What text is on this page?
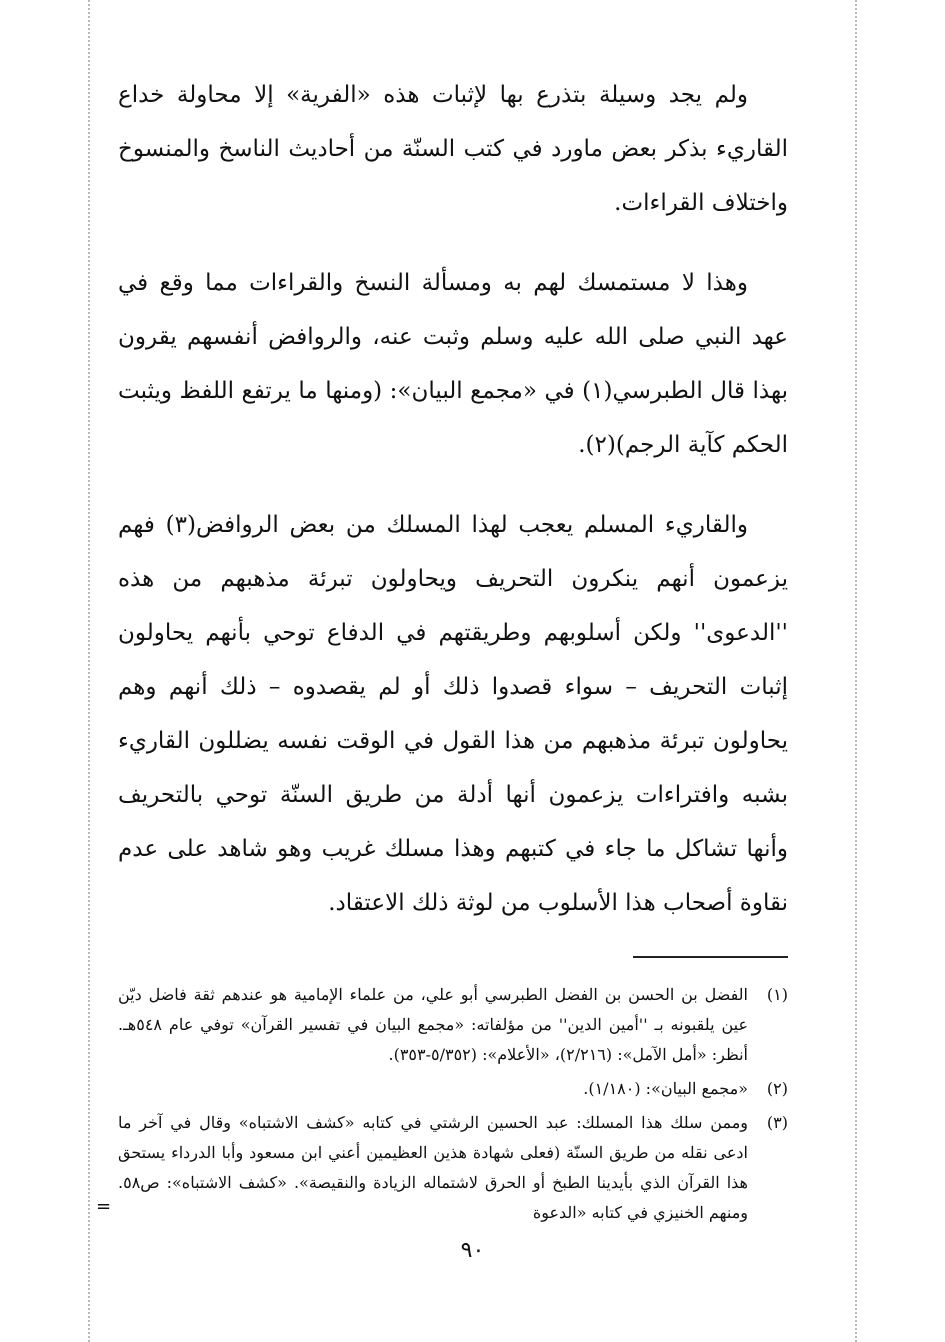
ولم يجد وسيلة بتذرع بها لإثبات هذه «الفرية» إلا محاولة خداع القاريء بذكر بعض ماورد في كتب السنّة من أحاديث الناسخ والمنسوخ واختلاف القراءات.

وهذا لا مستمسك لهم به ومسألة النسخ والقراءات مما وقع في عهد النبي صلى الله عليه وسلم وثبت عنه، والروافض أنفسهم يقرون بهذا قال الطبرسي(١) في «مجمع البيان»: (ومنها ما يرتفع اللفظ ويثبت الحكم كآية الرجم)(٢).

والقاريء المسلم يعجب لهذا المسلك من بعض الروافض(٣) فهم يزعمون أنهم ينكرون التحريف ويحاولون تبرئة مذهبهم من هذه ''الدعوى'' ولكن أسلوبهم وطريقتهم في الدفاع توحي بأنهم يحاولون إثبات التحريف – سواء قصدوا ذلك أو لم يقصدوه – ذلك أنهم وهم يحاولون تبرئة مذهبهم من هذا القول في الوقت نفسه يضللون القاريء بشبه وافتراءات يزعمون أنها أدلة من طريق السنّة توحي بالتحريف وأنها تشاكل ما جاء في كتبهم وهذا مسلك غريب وهو شاهد على عدم نقاوة أصحاب هذا الأسلوب من لوثة ذلك الاعتقاد.

(١)
الفضل بن الحسن بن الفضل الطبرسي أبو علي، من علماء الإمامية هو عندهم ثقة فاضل ديّن عين يلقبونه بـ ''أمين الدين'' من مؤلفاته: «مجمع البيان في تفسير القرآن» توفي عام ٥٤٨هـ. أنظر: «أمل الآمل»: (٢/٢١٦)، «الأعلام»: (٥/٣٥٢-٣٥٣).
(٢)
«مجمع البيان»: (١/١٨٠).
(٣)
وممن سلك هذا المسلك: عبد الحسين الرشتي في كتابه «كشف الاشتباه» وقال في آخر ما ادعى نقله من طريق السنّة (فعلى شهادة هذين العظيمين أعني ابن مسعود وأبا الدرداء يستحق هذا القرآن الذي بأيدينا الطبخ أو الحرق لاشتماله الزيادة والنقيصة». «كشف الاشتباه»: ص٥٨. ومنهم الخنيزي في كتابه «الدعوة
=
٩٠
